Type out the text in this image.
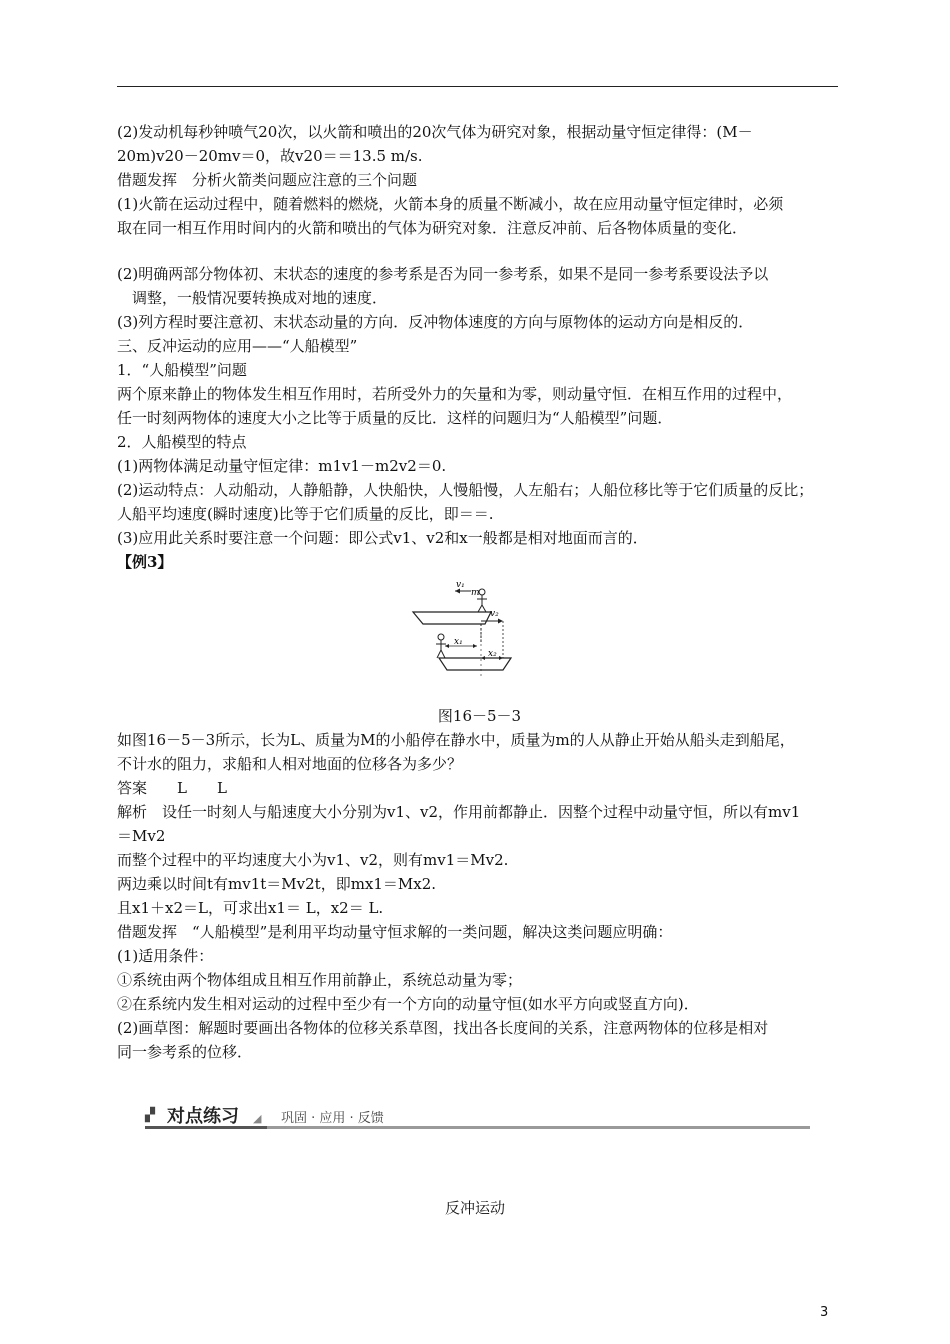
(2)发动机每秒钟喷气20次，以火箭和喷出的20次气体为研究对象，根据动量守恒定律得：(M－
20m)v20－20mv＝0，故v20＝＝13.5 m/s.
借题发挥　分析火箭类问题应注意的三个问题
(1)火箭在运动过程中，随着燃料的燃烧，火箭本身的质量不断减小，故在应用动量守恒定律时，必须
取在同一相互作用时间内的火箭和喷出的气体为研究对象．注意反冲前、后各物体质量的变化．
(2)明确两部分物体初、末状态的速度的参考系是否为同一参考系，如果不是同一参考系要设法予以
　调整，一般情况要转换成对地的速度．
(3)列方程时要注意初、末状态动量的方向．反冲物体速度的方向与原物体的运动方向是相反的．
三、反冲运动的应用——“人船模型”
1．“人船模型”问题
两个原来静止的物体发生相互作用时，若所受外力的矢量和为零，则动量守恒．在相互作用的过程中，
任一时刻两物体的速度大小之比等于质量的反比．这样的问题归为“人船模型”问题．
2．人船模型的特点
(1)两物体满足动量守恒定律：m1v1－m2v2＝0.
(2)运动特点：人动船动，人静船静，人快船快，人慢船慢，人左船右；人船位移比等于它们质量的反比；
人船平均速度(瞬时速度)比等于它们质量的反比，即＝＝.
(3)应用此关系时要注意一个问题：即公式v1、v2和x一般都是相对地面而言的．
【例3】
v₁
m
v₂
x₁
x₂
图16－5－3
如图16－5－3所示，长为L、质量为M的小船停在静水中，质量为m的人从静止开始从船头走到船尾，
不计水的阻力，求船和人相对地面的位移各为多少？
答案　　L　　L
解析　设任一时刻人与船速度大小分别为v1、v2，作用前都静止．因整个过程中动量守恒，所以有mv1
＝Mv2
而整个过程中的平均速度大小为v1、v2，则有mv1＝Mv2.
两边乘以时间t有mv1t＝Mv2t，即mx1＝Mx2.
且x1＋x2＝L，可求出x1＝ L，x2＝ L.
借题发挥　“人船模型”是利用平均动量守恒求解的一类问题，解决这类问题应明确：
(1)适用条件：
①系统由两个物体组成且相互作用前静止，系统总动量为零；
②在系统内发生相对运动的过程中至少有一个方向的动量守恒(如水平方向或竖直方向)．
(2)画草图：解题时要画出各物体的位移关系草图，找出各长度间的关系，注意两物体的位移是相对
同一参考系的位移．
▞ 对点练习 ◢ 巩固 · 应用 · 反馈
反冲运动
3
